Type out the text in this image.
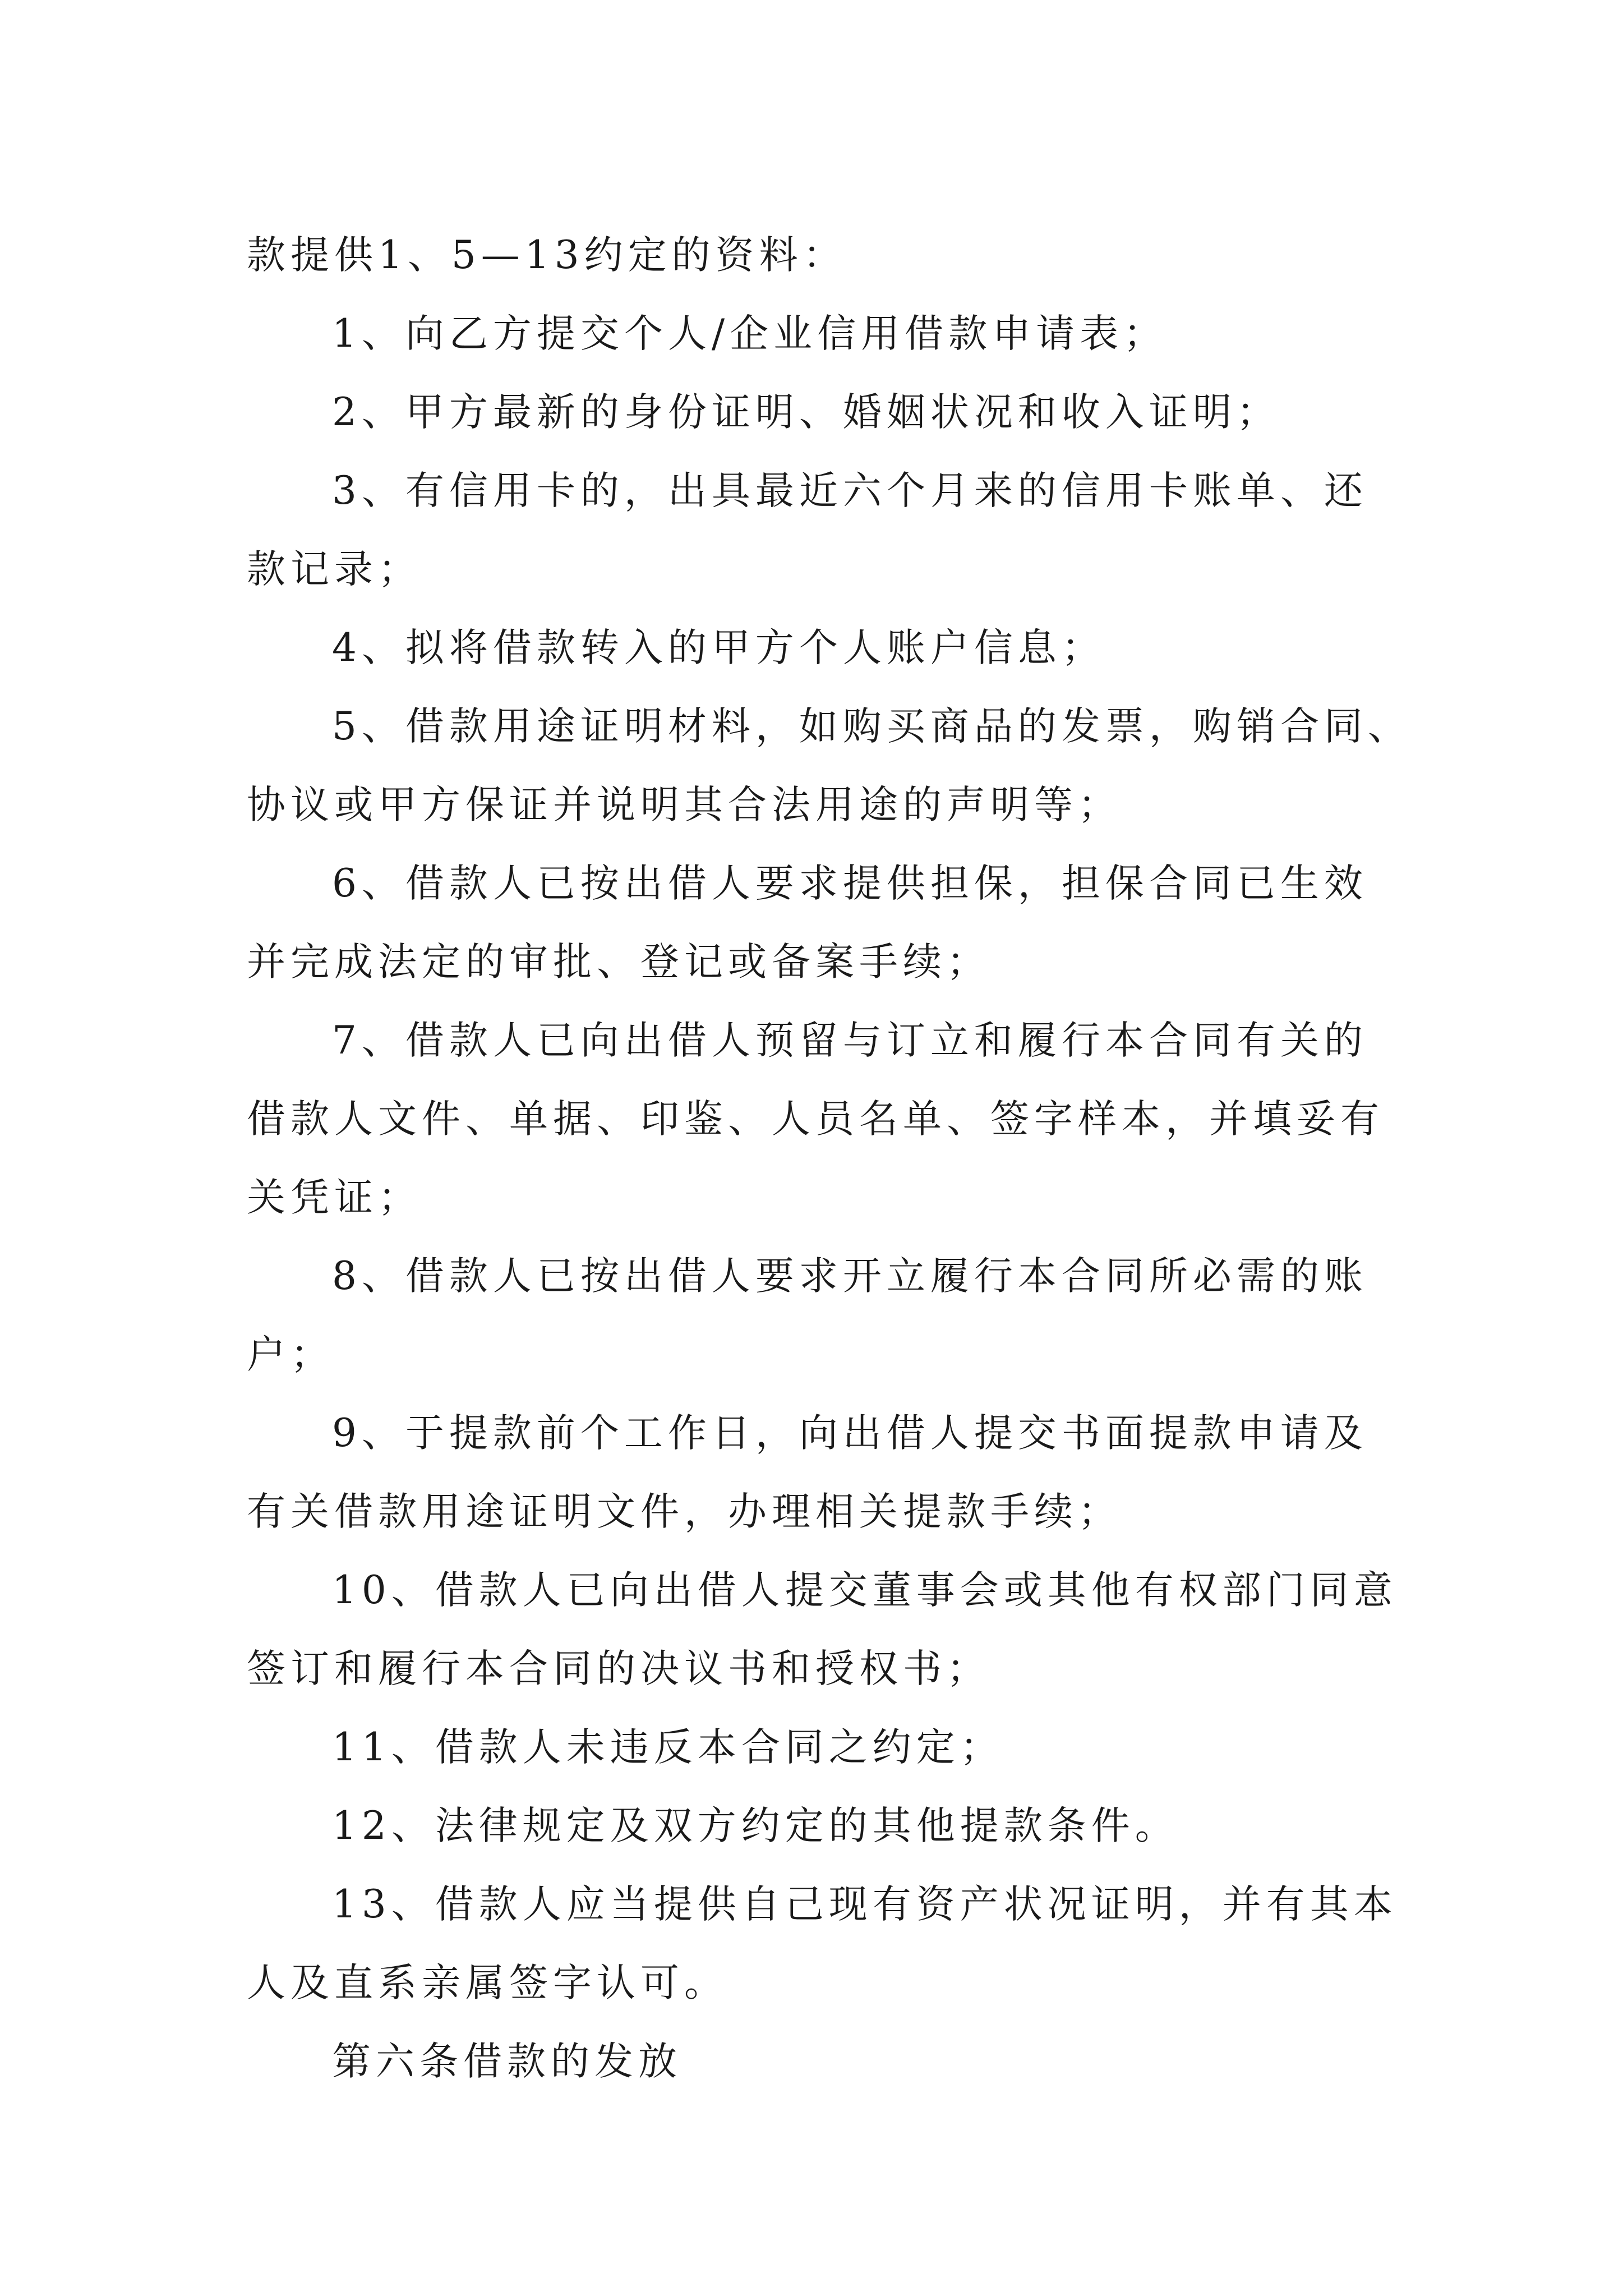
款提供1、5—13约定的资料：
1、向乙方提交个人/企业信用借款申请表；
2、甲方最新的身份证明、婚姻状况和收入证明；
3、有信用卡的，出具最近六个月来的信用卡账单、还
款记录；
4、拟将借款转入的甲方个人账户信息；
5、借款用途证明材料，如购买商品的发票，购销合同、
协议或甲方保证并说明其合法用途的声明等；
6、借款人已按出借人要求提供担保，担保合同已生效
并完成法定的审批、登记或备案手续；
7、借款人已向出借人预留与订立和履行本合同有关的
借款人文件、单据、印鉴、人员名单、签字样本，并填妥有
关凭证；
8、借款人已按出借人要求开立履行本合同所必需的账
户；
9、于提款前个工作日，向出借人提交书面提款申请及
有关借款用途证明文件，办理相关提款手续；
10、借款人已向出借人提交董事会或其他有权部门同意
签订和履行本合同的决议书和授权书；
11、借款人未违反本合同之约定；
12、法律规定及双方约定的其他提款条件。
13、借款人应当提供自己现有资产状况证明，并有其本
人及直系亲属签字认可。
第六条借款的发放
